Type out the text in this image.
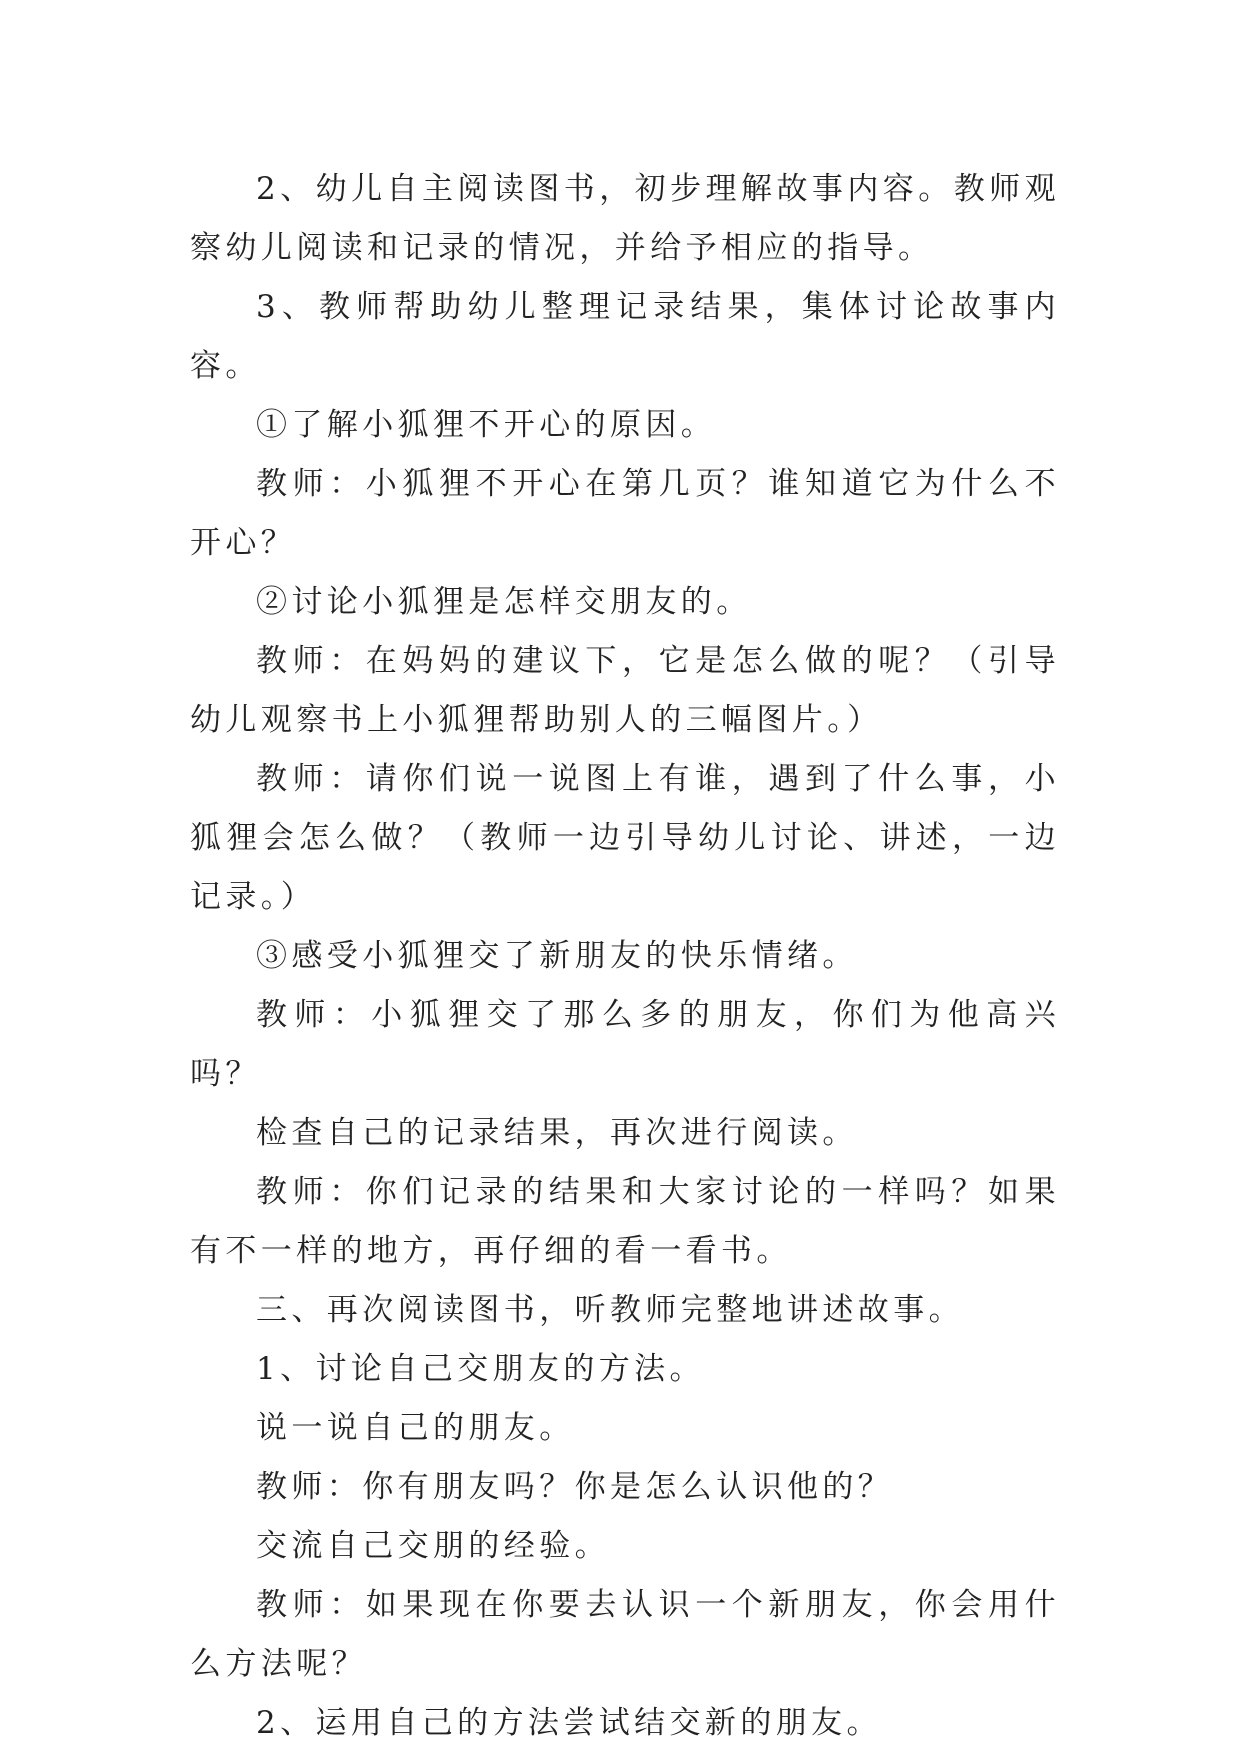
2、幼儿自主阅读图书，初步理解故事内容。教师观察幼儿阅读和记录的情况，并给予相应的指导。

3、教师帮助幼儿整理记录结果，集体讨论故事内容。

①了解小狐狸不开心的原因。

教师：小狐狸不开心在第几页？谁知道它为什么不开心？

②讨论小狐狸是怎样交朋友的。

教师：在妈妈的建议下，它是怎么做的呢？（引导幼儿观察书上小狐狸帮助别人的三幅图片。）

教师：请你们说一说图上有谁，遇到了什么事，小狐狸会怎么做？（教师一边引导幼儿讨论、讲述，一边记录。）

③感受小狐狸交了新朋友的快乐情绪。

教师：小狐狸交了那么多的朋友，你们为他高兴吗？

检查自己的记录结果，再次进行阅读。

教师：你们记录的结果和大家讨论的一样吗？如果有不一样的地方，再仔细的看一看书。

三、再次阅读图书，听教师完整地讲述故事。

1、讨论自己交朋友的方法。

说一说自己的朋友。

教师：你有朋友吗？你是怎么认识他的？

交流自己交朋的经验。

教师：如果现在你要去认识一个新朋友，你会用什么方法呢？

2、运用自己的方法尝试结交新的朋友。
